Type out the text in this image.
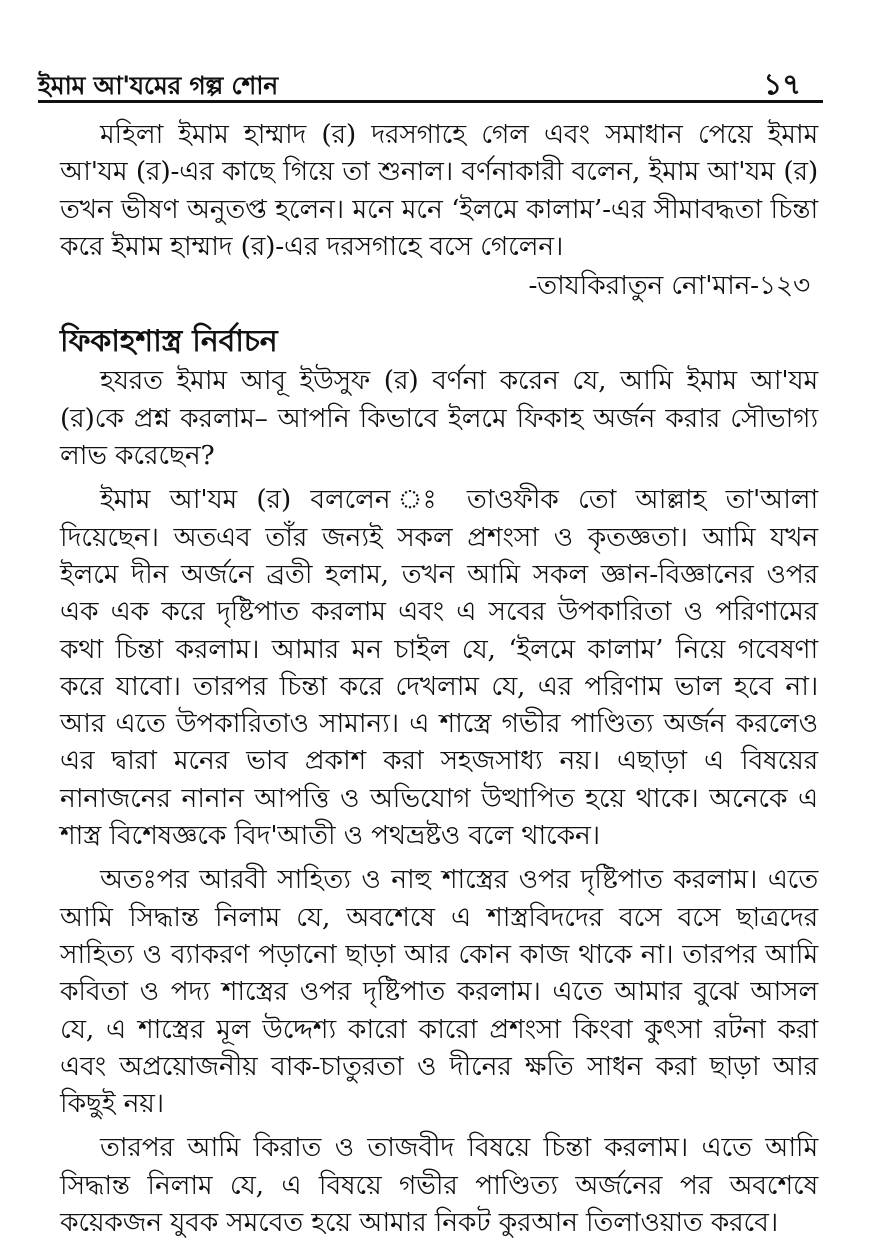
ইমাম আ'যমের গল্প শোন	১৭

মহিলা ইমাম হাম্মাদ (র) দরসগাহে গেল এবং সমাধান পেয়ে ইমাম আ'যম (র)-এর কাছে গিয়ে তা শুনাল। বর্ণনাকারী বলেন, ইমাম আ'যম (র) তখন ভীষণ অনুতপ্ত হলেন। মনে মনে ‘ইলমে কালাম’-এর সীমাবদ্ধতা চিন্তা করে ইমাম হাম্মাদ (র)-এর দরসগাহে বসে গেলেন।

-তাযকিরাতুন নো'মান-১২৩
ফিকাহশাস্ত্র নির্বাচন

হযরত ইমাম আবূ ইউসুফ (র) বর্ণনা করেন যে, আমি ইমাম আ'যম (র)কে প্রশ্ন করলাম– আপনি কিভাবে ইলমে ফিকাহ অর্জন করার সৌভাগ্য লাভ করেছেন?

ইমাম আ'যম (র) বললেন ঃ তাওফীক তো আল্লাহ তা'আলা দিয়েছেন। অতএব তাঁর জন্যই সকল প্রশংসা ও কৃতজ্ঞতা। আমি যখন ইলমে দীন অর্জনে ব্রতী হলাম, তখন আমি সকল জ্ঞান-বিজ্ঞানের ওপর এক এক করে দৃষ্টিপাত করলাম এবং এ সবের উপকারিতা ও পরিণামের কথা চিন্তা করলাম। আমার মন চাইল যে, ‘ইলমে কালাম’ নিয়ে গবেষণা করে যাবো। তারপর চিন্তা করে দেখলাম যে, এর পরিণাম ভাল হবে না। আর এতে উপকারিতাও সামান্য। এ শাস্ত্রে গভীর পাণ্ডিত্য অর্জন করলেও এর দ্বারা মনের ভাব প্রকাশ করা সহজসাধ্য নয়। এছাড়া এ বিষয়ের নানাজনের নানান আপত্তি ও অভিযোগ উত্থাপিত হয়ে থাকে। অনেকে এ শাস্ত্র বিশেষজ্ঞকে বিদ'আতী ও পথভ্রষ্টও বলে থাকেন।

অতঃপর আরবী সাহিত্য ও নাহু শাস্ত্রের ওপর দৃষ্টিপাত করলাম। এতে আমি সিদ্ধান্ত নিলাম যে, অবশেষে এ শাস্ত্রবিদদের বসে বসে ছাত্রদের সাহিত্য ও ব্যাকরণ পড়ানো ছাড়া আর কোন কাজ থাকে না। তারপর আমি কবিতা ও পদ্য শাস্ত্রের ওপর দৃষ্টিপাত করলাম। এতে আমার বুঝে আসল যে, এ শাস্ত্রের মূল উদ্দেশ্য কারো কারো প্রশংসা কিংবা কুৎসা রটনা করা এবং অপ্রয়োজনীয় বাক-চাতুরতা ও দীনের ক্ষতি সাধন করা ছাড়া আর কিছুই নয়।

তারপর আমি কিরাত ও তাজবীদ বিষয়ে চিন্তা করলাম। এতে আমি সিদ্ধান্ত নিলাম যে, এ বিষয়ে গভীর পাণ্ডিত্য অর্জনের পর অবশেষে কয়েকজন যুবক সমবেত হয়ে আমার নিকট কুরআন তিলাওয়াত করবে।
